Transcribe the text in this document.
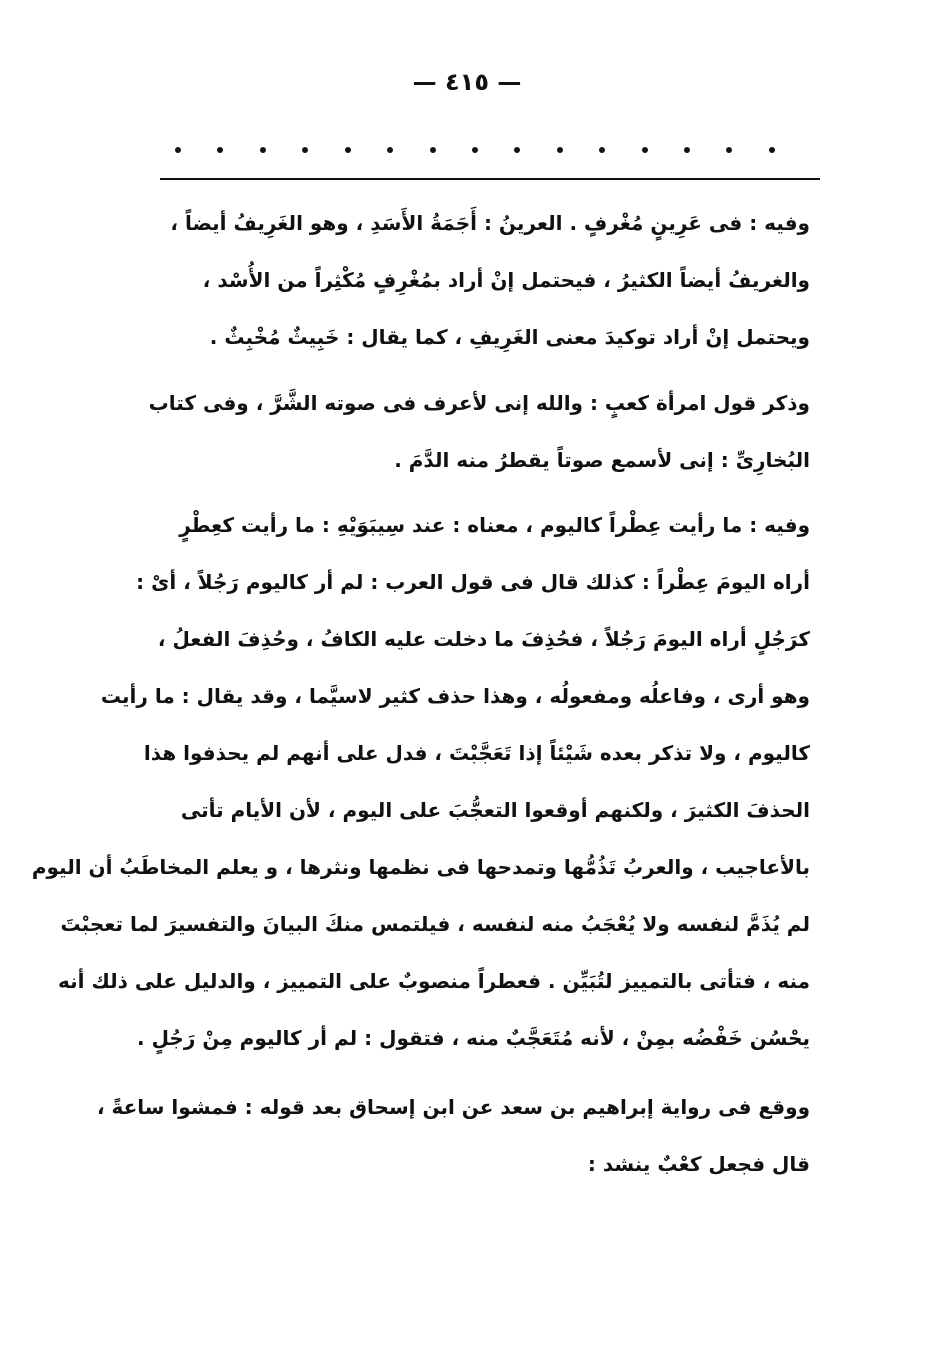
— ٤١٥ —
وفيه : فى عَرِينٍ مُغْرفٍ . العرينُ : أَجَمَةُ الأَسَدِ ، وهو الغَرِيفُ أيضاً ،
والغريفُ أيضاً الكثيرُ ، فيحتمل إنْ أراد بمُغْرِفٍ مُكْثِراً من الأُسْد ،
ويحتمل إنْ أراد توكيدَ معنى الغَرِيفِ ، كما يقال : خَبِيثٌ مُخْبِثٌ .
وذكر قول امرأة كعبٍ : والله إنى لأعرف فى صوته الشَّرَّ ، وفى كتاب
البُخارِىِّ : إنى لأسمع صوتاً يقطرُ منه الدَّمَ .
وفيه : ما رأيت عِطْراً كاليوم ، معناه : عند سِيبَوَيْهِ : ما رأيت كعِطْرٍ
أراه اليومَ عِطْراً : كذلك قال فى قول العرب : لم أر كاليوم رَجُلاً ، أىْ :
كرَجُلٍ أراه اليومَ رَجُلاً ، فحُذِفَ ما دخلت عليه الكافُ ، وحُذِفَ الفعلُ ،
وهو أرى ، وفاعلُه ومفعولُه ، وهذا حذف كثير لاسيَّما ، وقد يقال : ما رأيت
كاليوم ، ولا تذكر بعده شَيْئاً إذا تَعَجَّبْتَ ، فدل على أنهم لم يحذفوا هذا
الحذفَ الكثيرَ ، ولكنهم أوقعوا التعجُّبَ على اليوم ، لأن الأيام تأتى
بالأعاجيب ، والعربُ تَذُمُّها وتمدحها فى نظمها ونثرها ، و يعلم المخاطَبُ أن اليوم
لم يُذَمَّ لنفسه ولا يُعْجَبُ منه لنفسه ، فيلتمس منكَ البيانَ والتفسيرَ لما تعجبْتَ
منه ، فتأتى بالتمييز لتُبَيِّن . فعطراً منصوبٌ على التمييز ، والدليل على ذلك أنه
يحْسُن خَفْضُه بمِنْ ، لأنه مُتَعَجَّبٌ منه ، فتقول : لم أر كاليوم مِنْ رَجُلٍ .
ووقع فى رواية إبراهيم بن سعد عن ابن إسحاق بعد قوله : فمشوا ساعةً ،
قال فجعل كعْبٌ ينشد :
